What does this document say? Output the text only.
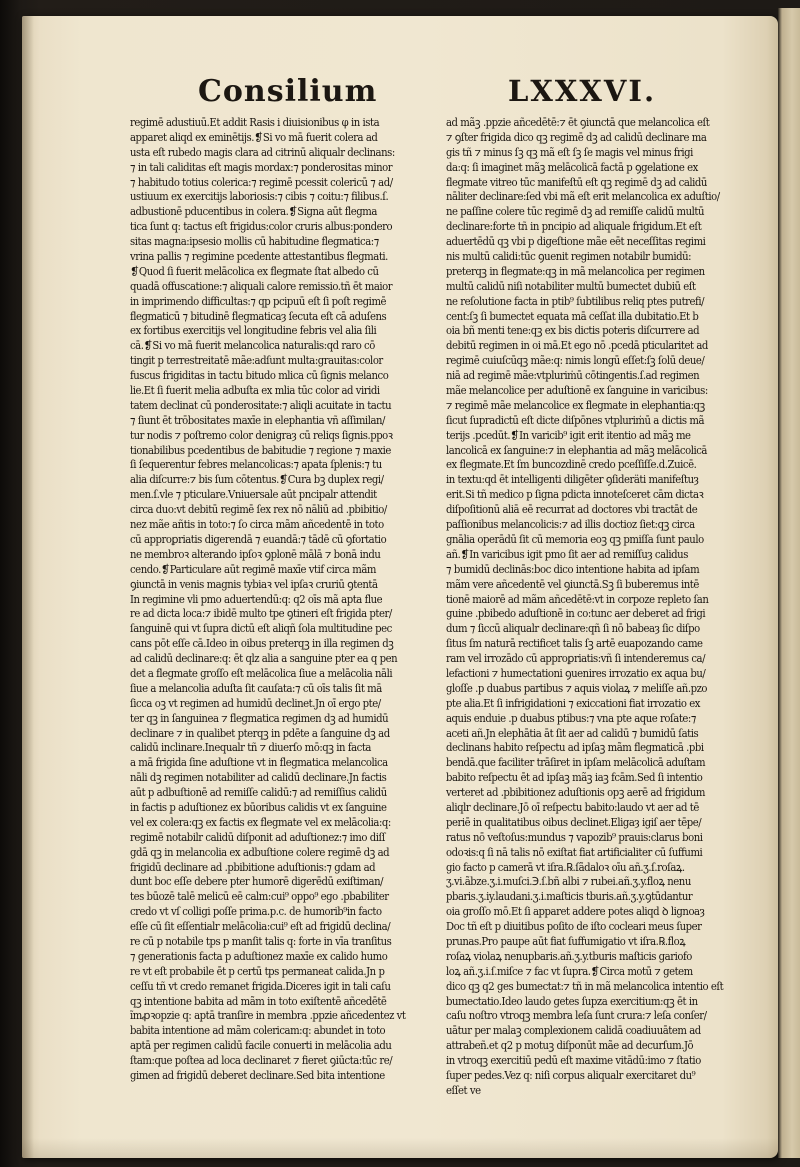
Consilium	LXXXVI.
regimē adustiuū.Et addit Rasis i diuisionibus φ in ista
apparet aliqd ex eminētijs.❡Si vo mā fuerit colera ad
usta eſt rubedo magis clara ad citrinū aliqualr declinans:
⁊ in tali caliditas eſt magis mordax:⁊ ponderositas minor
⁊ habitudo totius colerica:⁊ regimē pcessit colericū ⁊ ad/
ustiuum ex exercitijs laboriosis:⁊ cibis ⁊ coitu:⁊ filibus.ſ.
adbustionē pducentibus in colera.❡Signa aūt flegma
tica ſunt q: tactus eſt frigidus:color cruris albus:pondero
sitas magna:ipsesio mollis cū habitudine flegmatica:⁊
vrina pallis ⁊ regimine pcedente attestantibus flegmati.
❡Quod ſi fuerit melācolica ex flegmate ſtat albedo cū
quadā offuscatione:⁊ aliquali calore remissio.tñ ēt maior
in imprimendo difficultas:⁊ qp pcipuū eſt ſi poſt regimē
flegmaticū ⁊ bitudinē flegmaticaȝ ſecuta eſt cā aduſens
ex fortibus exercitijs vel longitudine febris vel alia ſili
cā.❡Si vo mā fuerit melancolica naturalis:qd raro cō
tingit p terrestreitatē mãe:adſunt multa:grauitas:color
fuscus frigiditas in tactu bitudo mlica cū ſignis melanco
lie.Et ſi fuerit melia adbuſta ex mlia tūc color ad viridi
tatem declinat cū ponderositate:⁊ aliqli acuitate in tactu
⁊ ſiunt ēt trōbositates maxīe in elephantia vñ aſſimilan/
tur nodis ⁊ poſtremo color denigraȝ cū reliqs ſignis.ppoꝛ
tionabilibus pcedentibus de babitudie ⁊ regione ⁊ maxie
ſi ſequerentur febres melancolicas:⁊ apata ſplenis:⁊ tu
alia diſcurre:⁊ bis ſum cōtentus.❡Cura bꝫ duplex regi/
men.ſ.vle ⁊ pticulare.Vniuersale aūt pncipalr attendit
circa duo:vt debitū regimē ſex rex nō nāliū ad .pbibitio/
nez mãe añtis in toto:⁊ ſo circa mãm añcedentē in toto
cū approꝑriatis digerendā ⁊ euandā:⁊ tādē cū ꝯfortatio
ne membroꝛ alterando ipſoꝛ ꝯplonē mālā ⁊ bonā indu
cendo.❡Particulare aūt regimē maxīe vtif circa mãm
ꝯiunctā in venis magnis tybiaꝛ vel ipſaꝛ cruriū ꝯtentā
In regimine vli pmo aduertendū:q: q2 oīs mã apta flue
re ad dicta loca:⁊ ibidē multo tpe ꝯtineri eſt frigida pter/
ſanguinē qui vt ſupra dictū eſt aliqñ ſola multitudine pec
cans pōt eſſe cā.Ideo in oibus preterqꝫ in illa regimen dꝫ
ad calidū declinare:q: ēt qlz alia a sanguine pter ea q pen
det a flegmate groſſo eſt melācolica ſiue a melācolia nāli
ſiue a melancolia aduſta ſit cauſata:⁊ cū oīs talis ſit mā
ſicca oꝫ vt regimen ad humidū declinet.Jn oī ergo pte/
ter qꝫ in ſanguinea ⁊ flegmatica regimen dꝫ ad humidū
declinare ⁊ in qualibet pterqꝫ in pdēte a ſanguine dꝫ ad
calidū inclinare.Inequalr tñ ⁊ diuerſo mō:qꝫ in facta
a mā frigida ſine aduſtione vt in flegmatica melancolica
nāli dꝫ regimen notabiliter ad calidū declinare.Jn factis
aūt p adbuſtionē ad remiſſe calidū:⁊ ad remiſſius calidū
in factis p aduſtionez ex būoribus calidis vt ex ſanguine
vel ex colera:qꝫ ex factis ex flegmate vel ex melācolia:q:
regimē notabilr calidū diſponit ad aduſtionez:⁊ imo diſſ
gdā qꝫ in melancolia ex adbuſtione colere regimē dꝫ ad
frigidū declinare ad .pbibitione aduſtionis:⁊ gdam ad
dunt boc eſſe debere pter humorē digerēdū exiſtiman/
tes būozē talē melicū eē calm:cui⁹ oppo⁹ ego .pbabiliter
credo vt vſ colligi poſſe prima.p.c. de humorib⁹in facto
eſſe cū ſit eſſentialr melācolia:cui⁹ eſt ad frigidū declina/
re cū p notabile tps p manſit talis q: forte in vīa tranſitus
⁊ generationis facta p aduſtionez maxīe ex calido humo
re vt eſt probabile ēt p certū tps permaneat calida.Jn p
ceſſu tñ vt credo remanet frigida.Diceres igit in tali caſu
qꝫ intentione babita ad mãm in toto exiſtentē añcedētē
ĩmꝓꝛopzie q: aptā tranſire in membra .ppzie añcedentez vt
babita intentione ad mãm colericam:q: abundet in toto
aptā per regimen calidū facile conuerti in melācolia adu
ſtam:que poſtea ad loca declinaret ⁊ fieret ꝯiūcta:tūc re/
gimen ad frigidū deberet declinare.Sed bita intentione
ad mãꝫ .ppzie añcedētē:⁊ ēt ꝯiunctā que melancolica eſt
⁊ ꝯſter frigida dico qꝫ regimē dꝫ ad calidū declinare ma
gis tñ ⁊ minus ſꝫ qꝫ mã eſt ſꝫ ſe magis vel minus frigi
da:q: ſi imaginet mãꝫ melācolicā factā p ꝯgelatione ex
flegmate vitreo tūc manifeſtū eſt qꝫ regimē dꝫ ad calidū
nāliter declinare:ſed vbi mã eſt erit melancolica ex aduſtio/
ne paſſine colere tūc regimē dꝫ ad remiſſe calidū multū
declinare:forte tñ in pncipio ad aliquale frigidum.Et eſt
aduertēdū qꝫ vbi p digeſtione mãe eēt neceſſitas regimi
nis multū calidi:tūc ꝯuenit regimen notabilr bumidū:
preterqꝫ in flegmate:qꝫ in mã melancolica per regimen
multū calidū niſi notabiliter multū bumectet dubiū eſt
ne reſolutione facta in ptib⁹ ſubtilibus reliq ptes putrefi/
cent:ſꝫ ſi bumectet equata mā ceſſat illa dubitatio.Et b
oia bñ menti tene:qꝫ ex bis dictis poteris diſcurrere ad
debitū regimen in oi mā.Et ego nō .pcedā pticularitet ad
regimē cuiuſcūqꝫ mãe:q: nimis longū eſſet:ſꝫ ſolū deue/
niā ad regimē mãe:vtpluriṁū cōtingentis.ſ.ad regimen
mãe melancolice per aduſtionē ex ſanguine in varicibus:
⁊ regimē mãe melancolice ex flegmate in elephantia:qꝫ
ſicut ſupradictū eſt dicte diſpōnes vtpluriṁū a dictis mã
terijs .pcedūt.❡In varicib⁹ igit erit itentio ad mãꝫ me
lancolicā ex ſanguine:⁊ in elephantia ad mãꝫ melācolicā
ex flegmate.Et ſm buncozdinē credo pceſſiſſe.d.Zuicē.
in textu:qd ēt intelligenti diligēter ꝯſideräti manifeſtuȝ
erit.Si tñ medico p ſigna pdicta innoteſceret cām dictaꝛ
diſpoſitionū aliā eē recurrat ad doctores vbi tractāt de
paſſionibus melancolicis:⁊ ad illis doctioz ſiet:qꝫ circa
gnālia operādū ſit cū memoria eoꝫ qꝫ pmiſſa ſunt paulo
añ.❡In varicibus igit pmo ſit aer ad remiſſuȝ calidus
⁊ bumidū declinās:boc dico intentione habita ad ipſam
mãm vere añcedentē vel ꝯiunctā.Sꝫ ſi buberemus intē
tionē maiorē ad mãm añcedētē:vt in corpoze repleto ſan
guine .pbibedo aduſtionē in co:tunc aer deberet ad frigi
dum ⁊ ſiccū aliqualr declinare:qñ ſi nō babeaȝ ſic diſpo
ſitus ſm naturā rectificet talis ſꝫ artē euapozando came
ram vel irrozādo cū approꝑriatis:vñ ſi intenderemus ca/
lefactioni ⁊ humectationi ꝯuenires irrozatio ex aqua bu/
gloſſe .p duabus partibus ⁊ aquis violaꝝ ⁊ meliſſe añ.pzo
pte alia.Et ſi infrigidationi ⁊ exiccationi fiat irrozatio ex
aquis enduie .p duabus ptibus:⁊ vna pte aque roſate:⁊
aceti añ.Jn elephātia āt ſit aer ad calidū ⁊ bumidū ſatis
declinans habito reſpectu ad ipſaꝫ mãm flegmaticā .pbi
bendā.que faciliter trāſiret in ipſam melācolicā aduſtam
babito reſpectu ēt ad ipſaꝫ mãꝫ iaꝫ fcām.Sed ſi intentio
verteret ad .pbibitionez aduſtionis opꝫ aerē ad frigidum
aliqlr declinare.Jō oī reſpectu babito:laudo vt aer ad tē
periē in qualitatibus oibus declinet.Eligaȝ igiſ aer tēpe/
ratus nō veſtoſus:mundus ⁊ vapozib⁹ prauis:clarus boni
odoꝛis:q ſi nā talis nō exiſtat fiat artificialiter cū ſuffumi
gio facto p camerā vt iſra.℞.ſãdaloꝛ oīu añ.ʒ.ſ.roſaꝝ.
ʒ.vi.ãbze.ʒ.i.muſci.℈.ſ.bñ albi ⁊ rubei.añ.ʒ.y.floꝝ nenu
pbaris.ʒ.iy.laudani.ʒ.i.maſticis tburis.añ.ʒ.y.ꝯtūdantur
oia groſſo mō.Et ſi apparet addere potes aliqd ꝺ lignoaȝ
Doc tñ eſt p diuitibus poſito de iſto cocleari meus ſuper
prunas.Pro paupe aūt fiat ſuffumigatio vt iſra.℞.floꝝ
roſaꝝ violaꝝ nenupbaris.añ.ʒ.y.tburis maſticis gariofo
loꝝ añ.ʒ.i.ſ.miſce ⁊ fac vt ſupra.❡Circa motū ⁊ getem
dico qꝫ q2 ges bumectat:⁊ tñ in mã melancolica intentio eſt
bumectatio.Ideo laudo getes ſupza exercitium:qꝫ ēt in
caſu noſtro vtroqꝫ membra leſa ſunt crura:⁊ leſa conſer/
uātur per malaꝫ complexionem calidā coadiuuātem ad
attrabeñ.et q2 p motuꝫ diſponūt mãe ad decurſum.Jō
in vtroqꝫ exercitiū pedū eſt maxime vitādū:imo ⁊ ſtatio
ſuper pedes.Vez q: niſi corpus aliqualr exercitaret du⁹
eſſet ve
